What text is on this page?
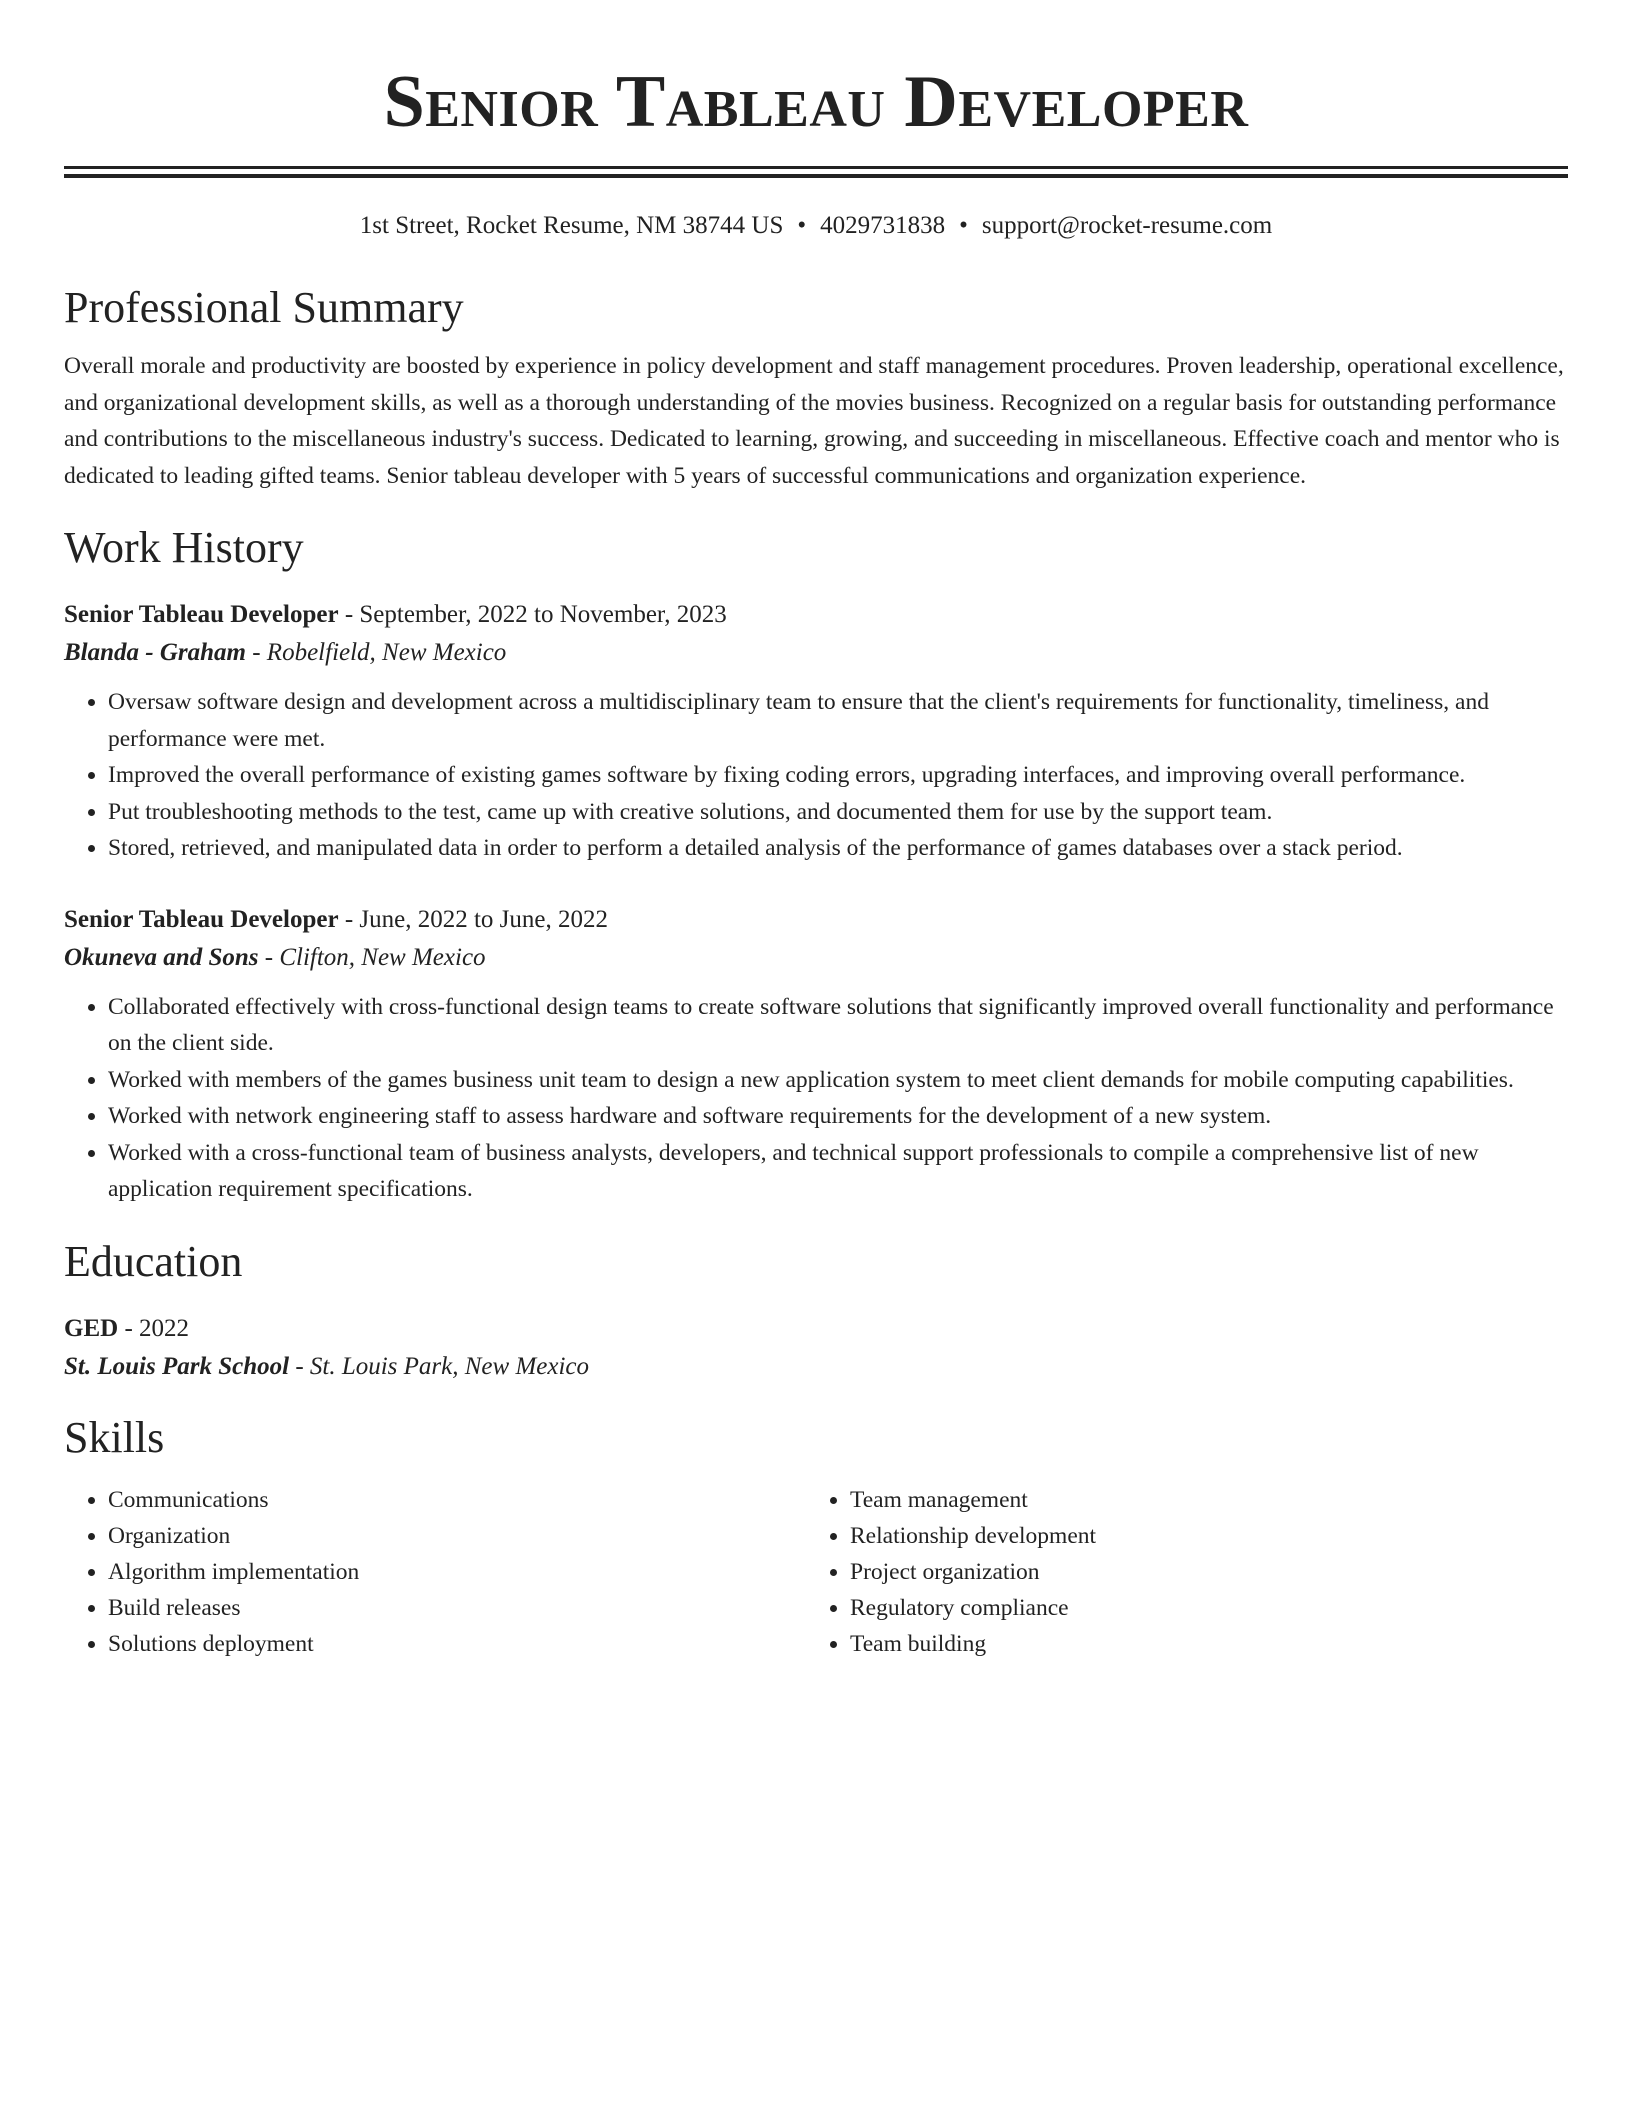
Senior Tableau Developer
1st Street, Rocket Resume, NM 38744 US • 4029731838 • support@rocket-resume.com
Professional Summary
Overall morale and productivity are boosted by experience in policy development and staff management procedures. Proven leadership, operational excellence, and organizational development skills, as well as a thorough understanding of the movies business. Recognized on a regular basis for outstanding performance and contributions to the miscellaneous industry's success. Dedicated to learning, growing, and succeeding in miscellaneous. Effective coach and mentor who is dedicated to leading gifted teams. Senior tableau developer with 5 years of successful communications and organization experience.
Work History
Senior Tableau Developer - September, 2022 to November, 2023
Blanda - Graham - Robelfield, New Mexico
• Oversaw software design and development across a multidisciplinary team to ensure that the client's requirements for functionality, timeliness, and performance were met.
• Improved the overall performance of existing games software by fixing coding errors, upgrading interfaces, and improving overall performance.
• Put troubleshooting methods to the test, came up with creative solutions, and documented them for use by the support team.
• Stored, retrieved, and manipulated data in order to perform a detailed analysis of the performance of games databases over a stack period.
Senior Tableau Developer - June, 2022 to June, 2022
Okuneva and Sons - Clifton, New Mexico
• Collaborated effectively with cross-functional design teams to create software solutions that significantly improved overall functionality and performance on the client side.
• Worked with members of the games business unit team to design a new application system to meet client demands for mobile computing capabilities.
• Worked with network engineering staff to assess hardware and software requirements for the development of a new system.
• Worked with a cross-functional team of business analysts, developers, and technical support professionals to compile a comprehensive list of new application requirement specifications.
Education
GED - 2022
St. Louis Park School - St. Louis Park, New Mexico
Skills
• Communications
• Organization
• Algorithm implementation
• Build releases
• Solutions deployment
• Team management
• Relationship development
• Project organization
• Regulatory compliance
• Team building
